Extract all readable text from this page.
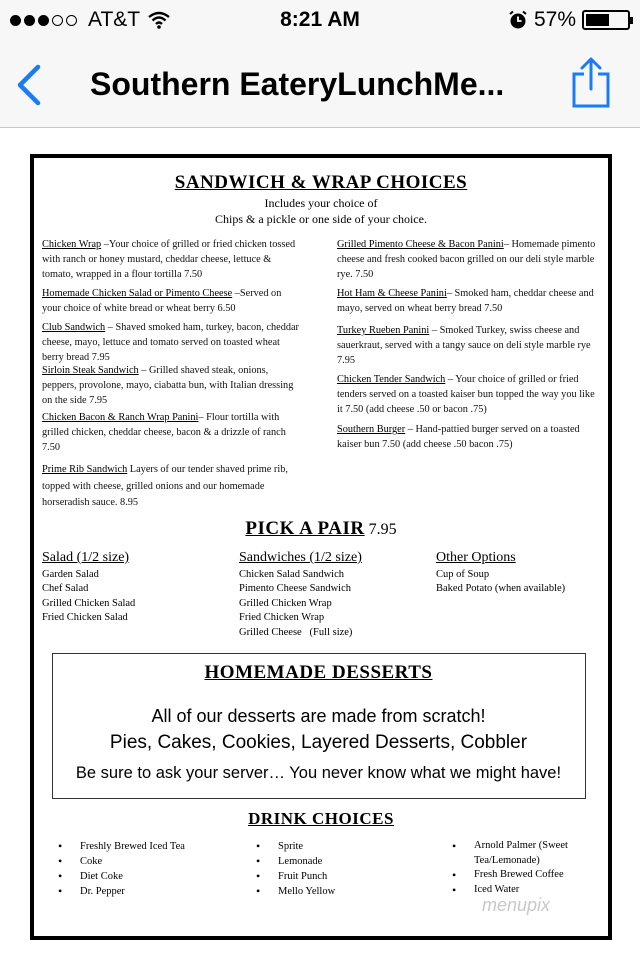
AT&T	8:21 AM	57%
Southern EateryLunchMe...
SANDWICH & WRAP CHOICES
Includes your choice of
Chips & a pickle or one side of your choice.
Chicken Wrap –Your choice of grilled or fried chicken tossed with ranch or honey mustard, cheddar cheese, lettuce & tomato, wrapped in a flour tortilla 7.50
Homemade Chicken Salad or Pimento Cheese –Served on your choice of white bread or wheat berry 6.50
Club Sandwich – Shaved smoked ham, turkey, bacon, cheddar cheese, mayo, lettuce and tomato served on toasted wheat berry bread 7.95
Sirloin Steak Sandwich – Grilled shaved steak, onions, peppers, provolone, mayo, ciabatta bun, with Italian dressing on the side 7.95
Chicken Bacon & Ranch Wrap Panini– Flour tortilla with grilled chicken, cheddar cheese, bacon & a drizzle of ranch 7.50
Prime Rib Sandwich Layers of our tender shaved prime rib, topped with cheese, grilled onions and our homemade horseradish sauce. 8.95
Grilled Pimento Cheese & Bacon Panini– Homemade pimento cheese and fresh cooked bacon grilled on our deli style marble rye. 7.50
Hot Ham & Cheese Panini– Smoked ham, cheddar cheese and mayo, served on wheat berry bread 7.50
Turkey Rueben Panini – Smoked Turkey, swiss cheese and sauerkraut, served with a tangy sauce on deli style marble rye 7.95
Chicken Tender Sandwich – Your choice of grilled or fried tenders served on a toasted kaiser bun topped the way you like it 7.50 (add cheese .50 or bacon .75)
Southern Burger – Hand-pattied burger served on a toasted kaiser bun 7.50 (add cheese .50 bacon .75)
PICK A PAIR 7.95
Salad (1/2 size)
Garden Salad
Chef Salad
Grilled Chicken Salad
Fried Chicken Salad
Sandwiches (1/2 size)
Chicken Salad Sandwich
Pimento Cheese Sandwich
Grilled Chicken Wrap
Fried Chicken Wrap
Grilled Cheese   (Full size)
Other Options
Cup of Soup
Baked Potato (when available)
HOMEMADE DESSERTS
All of our desserts are made from scratch!
Pies, Cakes, Cookies, Layered Desserts, Cobbler
Be sure to ask your server… You never know what we might have!
DRINK CHOICES
• Freshly Brewed Iced Tea
• Coke
• Diet Coke
• Dr. Pepper
• Sprite
• Lemonade
• Fruit Punch
• Mello Yellow
• Arnold Palmer (Sweet Tea/Lemonade)
• Fresh Brewed Coffee
• Iced Water
menupix
